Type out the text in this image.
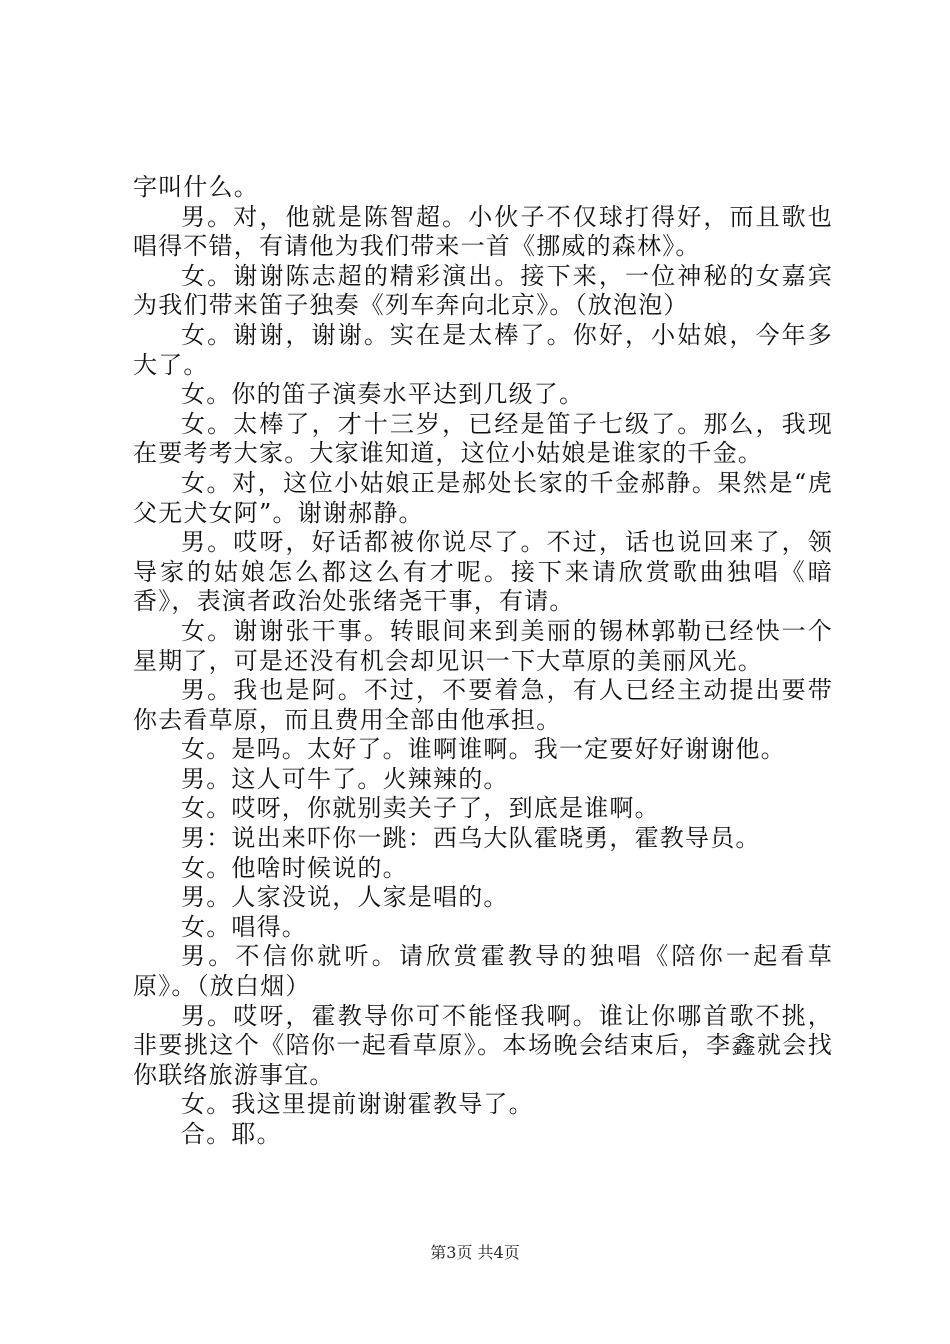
字叫什么。

男。对，他就是陈智超。小伙子不仅球打得好，而且歌也唱得不错，有请他为我们带来一首《挪威的森林》。

女。谢谢陈志超的精彩演出。接下来，一位神秘的女嘉宾为我们带来笛子独奏《列车奔向北京》。（放泡泡）

女。谢谢，谢谢。实在是太棒了。你好，小姑娘，今年多大了。

女。你的笛子演奏水平达到几级了。

女。太棒了，才十三岁，已经是笛子七级了。那么，我现在要考考大家。大家谁知道，这位小姑娘是谁家的千金。

女。对，这位小姑娘正是郝处长家的千金郝静。果然是“虎父无犬女阿”。谢谢郝静。

男。哎呀，好话都被你说尽了。不过，话也说回来了，领导家的姑娘怎么都这么有才呢。接下来请欣赏歌曲独唱《暗香》，表演者政治处张绪尧干事，有请。

女。谢谢张干事。转眼间来到美丽的锡林郭勒已经快一个星期了，可是还没有机会却见识一下大草原的美丽风光。

男。我也是阿。不过，不要着急，有人已经主动提出要带你去看草原，而且费用全部由他承担。

女。是吗。太好了。谁啊谁啊。我一定要好好谢谢他。

男。这人可牛了。火辣辣的。

女。哎呀，你就别卖关子了，到底是谁啊。

男：说出来吓你一跳：西乌大队霍晓勇，霍教导员。

女。他啥时候说的。

男。人家没说，人家是唱的。

女。唱得。

男。不信你就听。请欣赏霍教导的独唱《陪你一起看草原》。（放白烟）

男。哎呀，霍教导你可不能怪我啊。谁让你哪首歌不挑，非要挑这个《陪你一起看草原》。本场晚会结束后，李鑫就会找你联络旅游事宜。

女。我这里提前谢谢霍教导了。

合。耶。

第3页 共4页
